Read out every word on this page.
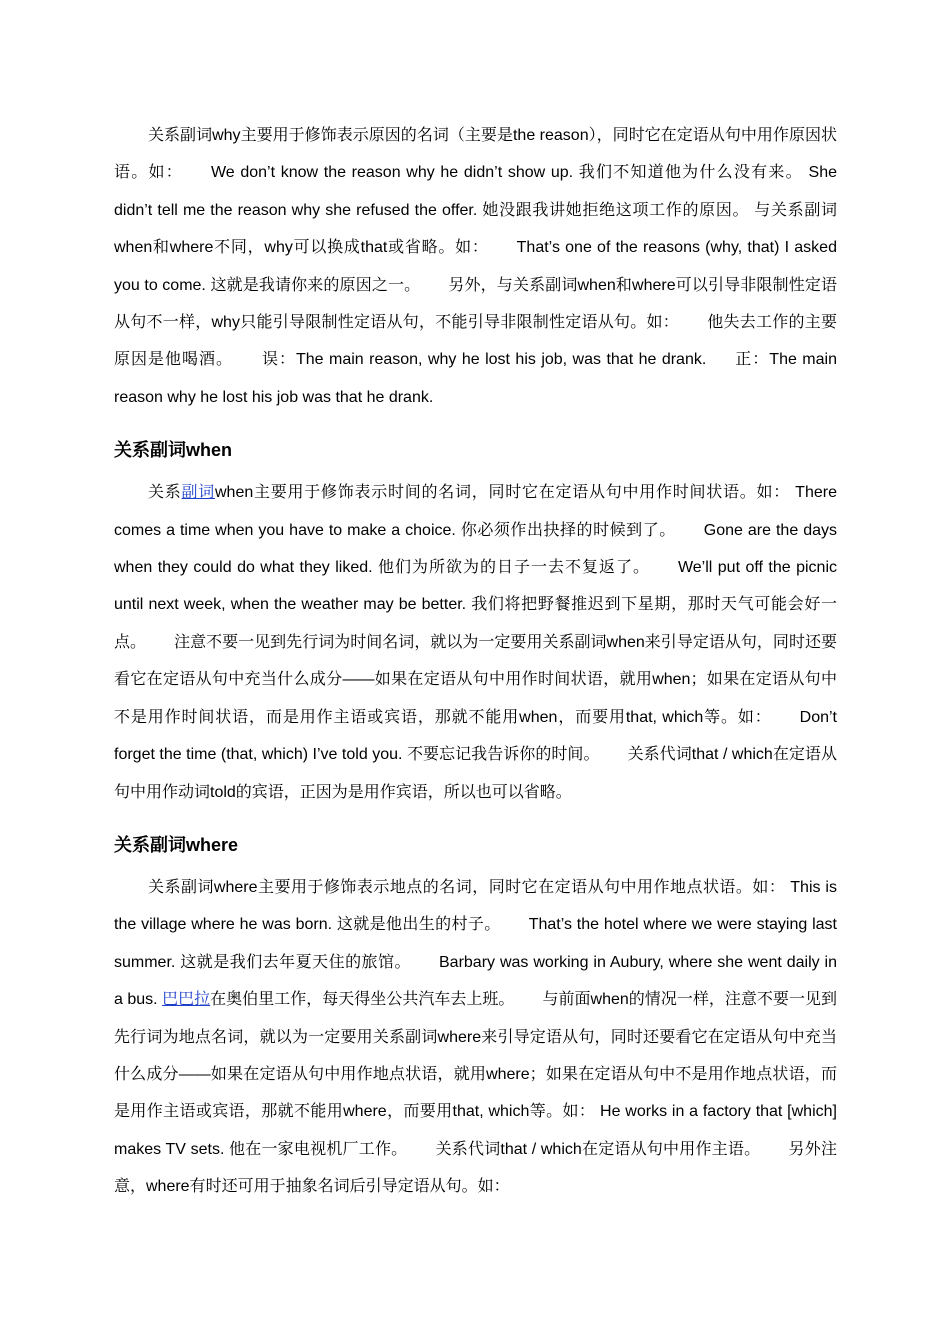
关系副词why主要用于修饰表示原因的名词（主要是the reason），同时它在定语从句中用作原因状语。如： We don’t know the reason why he didn’t show up. 我们不知道他为什么没有来。 She didn’t tell me the reason why she refused the offer. 她没跟我讲她拒绝这项工作的原因。 与关系副词when和where不同，why可以换成that或省略。如： That’s one of the reasons (why, that) I asked you to come. 这就是我请你来的原因之一。 另外，与关系副词when和where可以引导非限制性定语从句不一样，why只能引导限制性定语从句，不能引导非限制性定语从句。如： 他失去工作的主要原因是他喝酒。 误：The main reason, why he lost his job, was that he drank. 正：The main reason why he lost his job was that he drank.

关系副词when

关系副词when主要用于修饰表示时间的名词，同时它在定语从句中用作时间状语。如： There comes a time when you have to make a choice. 你必须作出抉择的时候到了。 Gone are the days when they could do what they liked. 他们为所欲为的日子一去不复返了。 We’ll put off the picnic until next week, when the weather may be better. 我们将把野餐推迟到下星期，那时天气可能会好一点。 注意不要一见到先行词为时间名词，就以为一定要用关系副词when来引导定语从句，同时还要看它在定语从句中充当什么成分——如果在定语从句中用作时间状语，就用when；如果在定语从句中不是用作时间状语，而是用作主语或宾语，那就不能用when，而要用that, which等。如： Don’t forget the time (that, which) I’ve told you. 不要忘记我告诉你的时间。 关系代词that / which在定语从句中用作动词told的宾语，正因为是用作宾语，所以也可以省略。

关系副词where

关系副词where主要用于修饰表示地点的名词，同时它在定语从句中用作地点状语。如： This is the village where he was born. 这就是他出生的村子。 That’s the hotel where we were staying last summer. 这就是我们去年夏天住的旅馆。 Barbary was working in Aubury, where she went daily in a bus. 巴巴拉在奥伯里工作，每天得坐公共汽车去上班。 与前面when的情况一样，注意不要一见到先行词为地点名词，就以为一定要用关系副词where来引导定语从句，同时还要看它在定语从句中充当什么成分——如果在定语从句中用作地点状语，就用where；如果在定语从句中不是用作地点状语，而是用作主语或宾语，那就不能用where，而要用that, which等。如： He works in a factory that [which] makes TV sets. 他在一家电视机厂工作。 关系代词that / which在定语从句中用作主语。 另外注意，where有时还可用于抽象名词后引导定语从句。如：
